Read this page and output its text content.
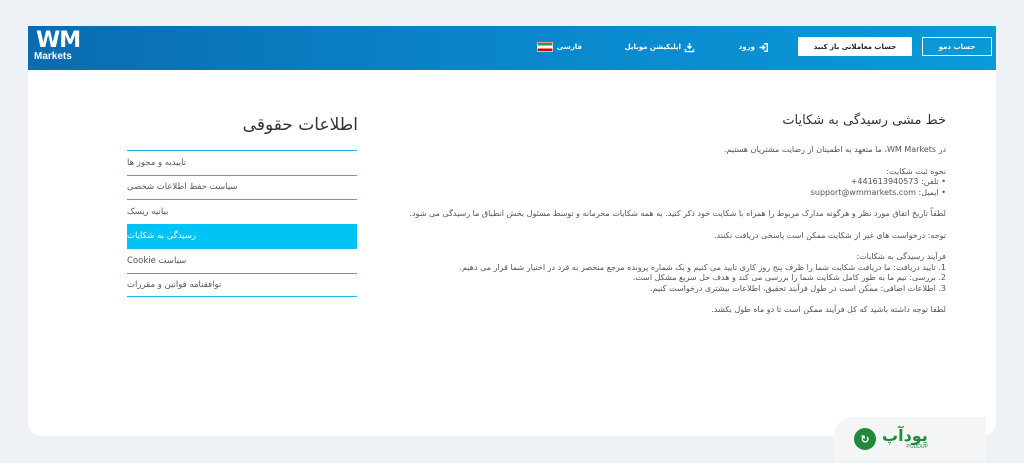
WM
Markets
فارسی	اپلیکیشن موبایل	ورود	حساب معاملاتی باز کنید	حساب دمو
اطلاعات حقوقی
تاییدیه و مجوز ها
سیاست حفظ اطلاعات شخصی
بیانیه ریسک
رسیدگی به شکایات
سیاست Cookie
توافقنامه قوانین و مقررات
خط مشی رسیدگی به شکایات

در WM Markets، ما متعهد به اطمینان از رضایت مشتریان هستیم.

نحوه ثبت شکایت:
• تلفن: 441613940573+
• ایمیل: support@wmmarkets.com

لطفاً تاریخ اتفاق مورد نظر و هرگونه مدارک مربوط را همراه با شکایت خود ذکر کنید. به همه شکایات محرمانه و توسط مسئول بخش انطباق ما رسیدگی می شود.

توجه: درخواست های غیر از شکایت ممکن است پاسخی دریافت نکنند.

فرآیند رسیدگی به شکایات:
1. تایید دریافت: ما دریافت شکایت شما را ظرف پنج روز کاری تایید می کنیم و یک شماره پرونده مرجع منحصر به فرد در اختیار شما قرار می دهیم.
2. بررسی: تیم ما به طور کامل شکایت شما را بررسی می کند و هدف حل سریع مشکل است.
3. اطلاعات اضافی: ممکن است در طول فرآیند تحقیق، اطلاعات بیشتری درخواست کنیم.

لطفا توجه داشته باشید که کل فرآیند ممکن است تا دو ماه طول بکشد.

↻ پودآپ
PODDUP
